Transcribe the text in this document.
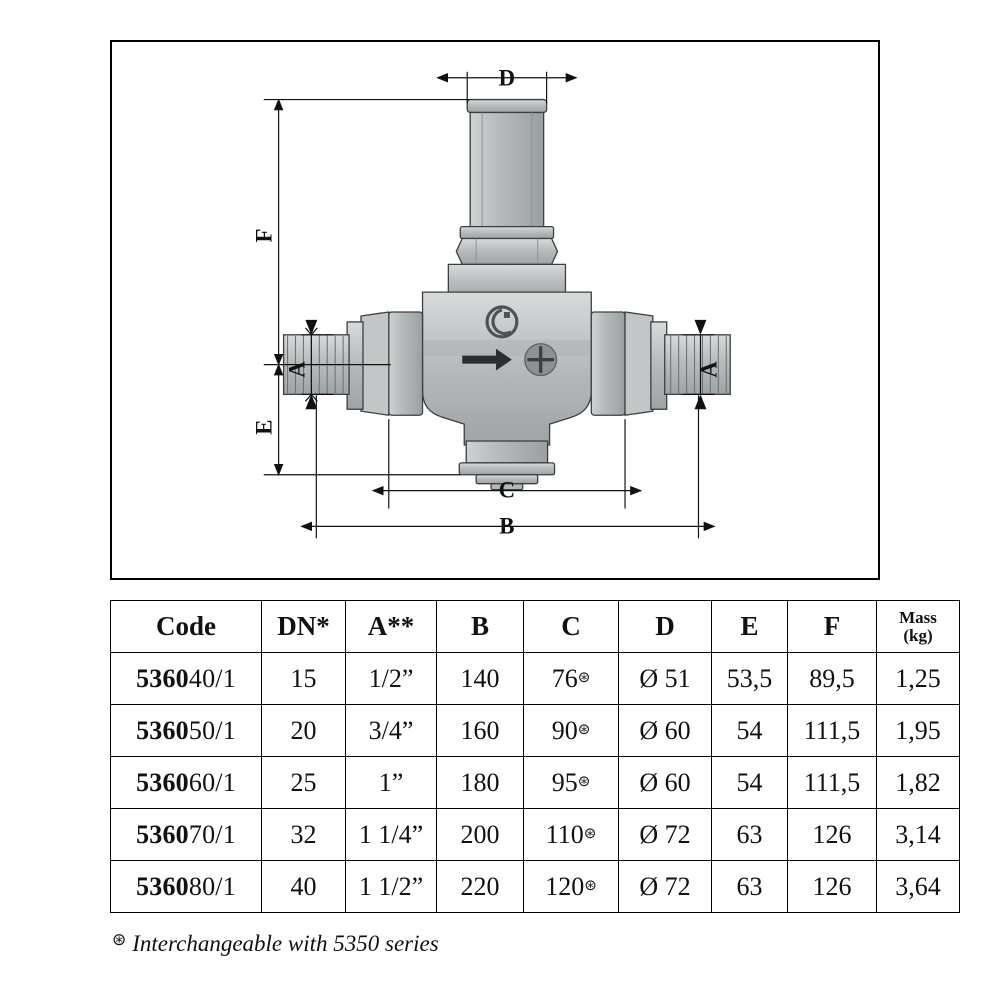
D
F
E
A	A
C
B
Code	DN*	A**	B	C	D	E	F	Mass
(kg)
536040/1	15	1/2”	140	76⊛	Ø 51	53,5	89,5	1,25
536050/1	20	3/4”	160	90⊛	Ø 60	54	111,5	1,95
536060/1	25	1”	180	95⊛	Ø 60	54	111,5	1,82
536070/1	32	1 1/4”	200	110⊛	Ø 72	63	126	3,14
536080/1	40	1 1/2”	220	120⊛	Ø 72	63	126	3,64
⊛ Interchangeable with 5350 series
